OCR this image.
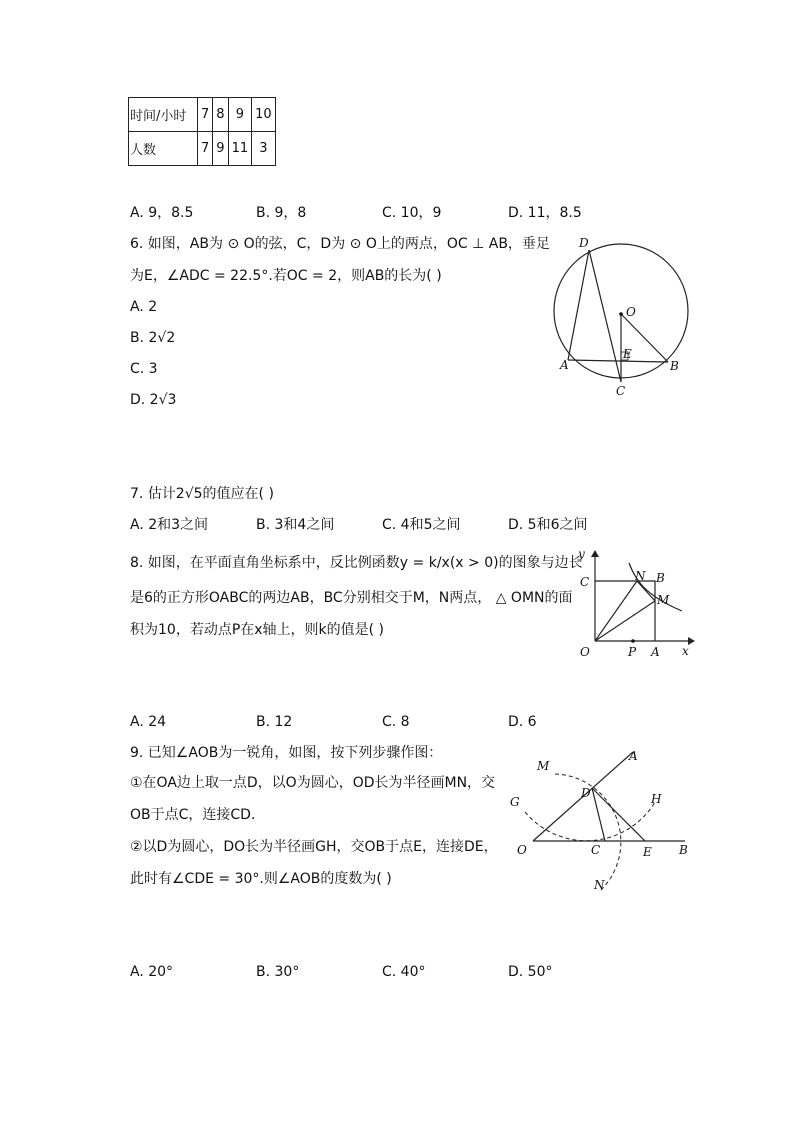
时间/小时	7	8	9	10
人数	7	9	11	3
A. 9，8.5	B. 9，8	C. 10，9	D. 11，8.5
6. 如图，AB为 ⊙ O的弦，C，D为 ⊙ O上的两点，OC ⊥ AB，垂足
为E，∠ADC = 22.5°.若OC = 2，则AB的长为( )
A. 2
B. 2√2
C. 3
D. 2√3
D
O
E
A	B
C
7. 估计2√5的值应在( )
A. 2和3之间	B. 3和4之间	C. 4和5之间	D. 5和6之间
8. 如图，在平面直角坐标系中，反比例函数y = k/x(x > 0)的图象与边长
是6的正方形OABC的两边AB，BC分别相交于M，N两点， △ OMN的面
积为10，若动点P在x轴上，则k的值是( )
y
C	N B
M
O	P A x
A. 24	B. 12	C. 8	D. 6
9. 已知∠AOB为一锐角，如图，按下列步骤作图：
①在OA边上取一点D，以O为圆心，OD长为半径画MN，交
OB于点C，连接CD．
②以D为圆心，DO长为半径画GH，交OB于点E，连接DE，
此时有∠CDE = 30°.则∠AOB的度数为( )
M
A
D
G	H
O	C	E B
N
A. 20°	B. 30°	C. 40°	D. 50°
